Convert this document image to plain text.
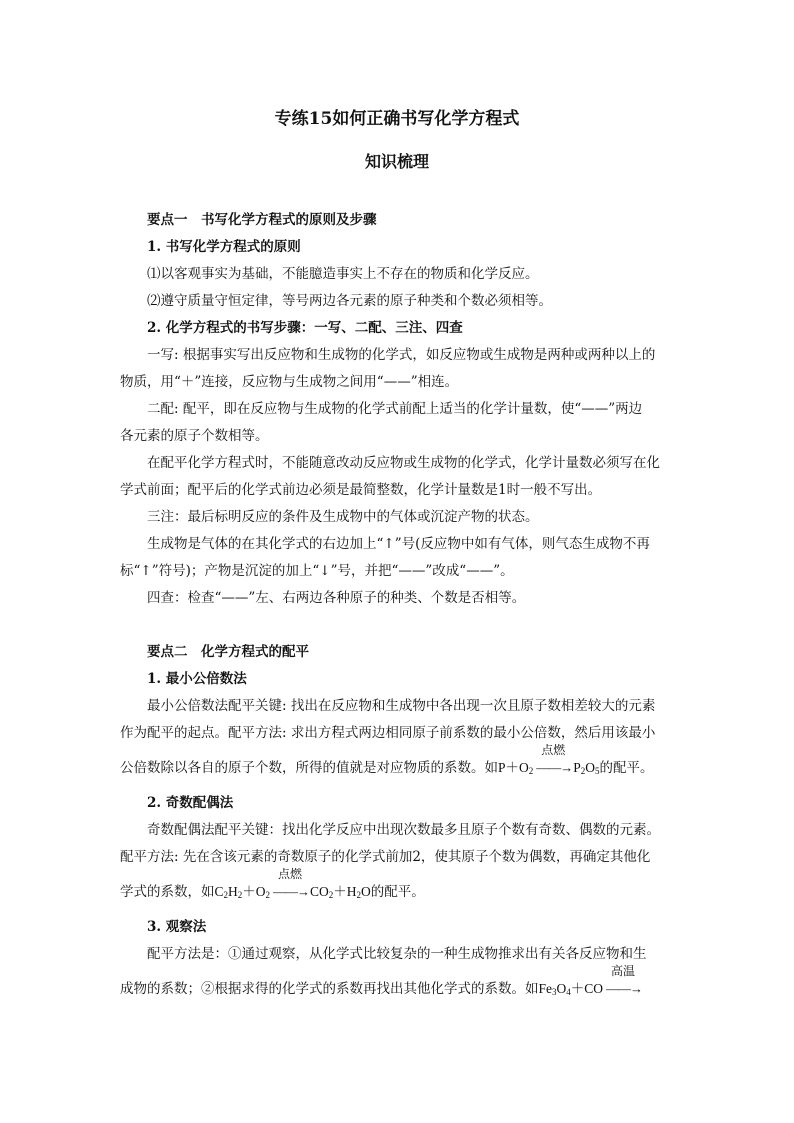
专练15如何正确书写化学方程式
知识梳理
要点一　书写化学方程式的原则及步骤
1. 书写化学方程式的原则
⑴以客观事实为基础，不能臆造事实上不存在的物质和化学反应。
⑵遵守质量守恒定律，等号两边各元素的原子种类和个数必须相等。
2. 化学方程式的书写步骤：一写、二配、三注、四查
一写: 根据事实写出反应物和生成物的化学式，如反应物或生成物是两种或两种以上的
物质，用“＋”连接，反应物与生成物之间用“——”相连。
二配: 配平，即在反应物与生成物的化学式前配上适当的化学计量数，使“——”两边
各元素的原子个数相等。
在配平化学方程式时，不能随意改动反应物或生成物的化学式，化学计量数必须写在化
学式前面；配平后的化学式前边必须是最简整数，化学计量数是1时一般不写出。
三注：最后标明反应的条件及生成物中的气体或沉淀产物的状态。
生成物是气体的在其化学式的右边加上“↑”号(反应物中如有气体，则气态生成物不再
标“↑”符号)；产物是沉淀的加上“↓”号，并把“——”改成“——”。
四查：检查“——”左、右两边各种原子的种类、个数是否相等。
要点二　化学方程式的配平
1. 最小公倍数法
最小公倍数法配平关键: 找出在反应物和生成物中各出现一次且原子数相差较大的元素
作为配平的起点。配平方法: 求出方程式两边相同原子前系数的最小公倍数，然后用该最小
公倍数除以各自的原子个数，所得的值就是对应物质的系数。如$P+O_2$
点燃
$——\to P_2O_5$的配平。
2. 奇数配偶法
奇数配偶法配平关键：找出化学反应中出现次数最多且原子个数有奇数、偶数的元素。
配平方法: 先在含该元素的奇数原子的化学式前加2，使其原子个数为偶数，再确定其他化
学式的系数，如$C_2H_2+O_2$
点燃
$——\to CO_2+H_2O$的配平。
3. 观察法
配平方法是：①通过观察，从化学式比较复杂的一种生成物推求出有关各反应物和生
成物的系数；②根据求得的化学式的系数再找出其他化学式的系数。如$Fe_3O_4+CO$
高温
——→
